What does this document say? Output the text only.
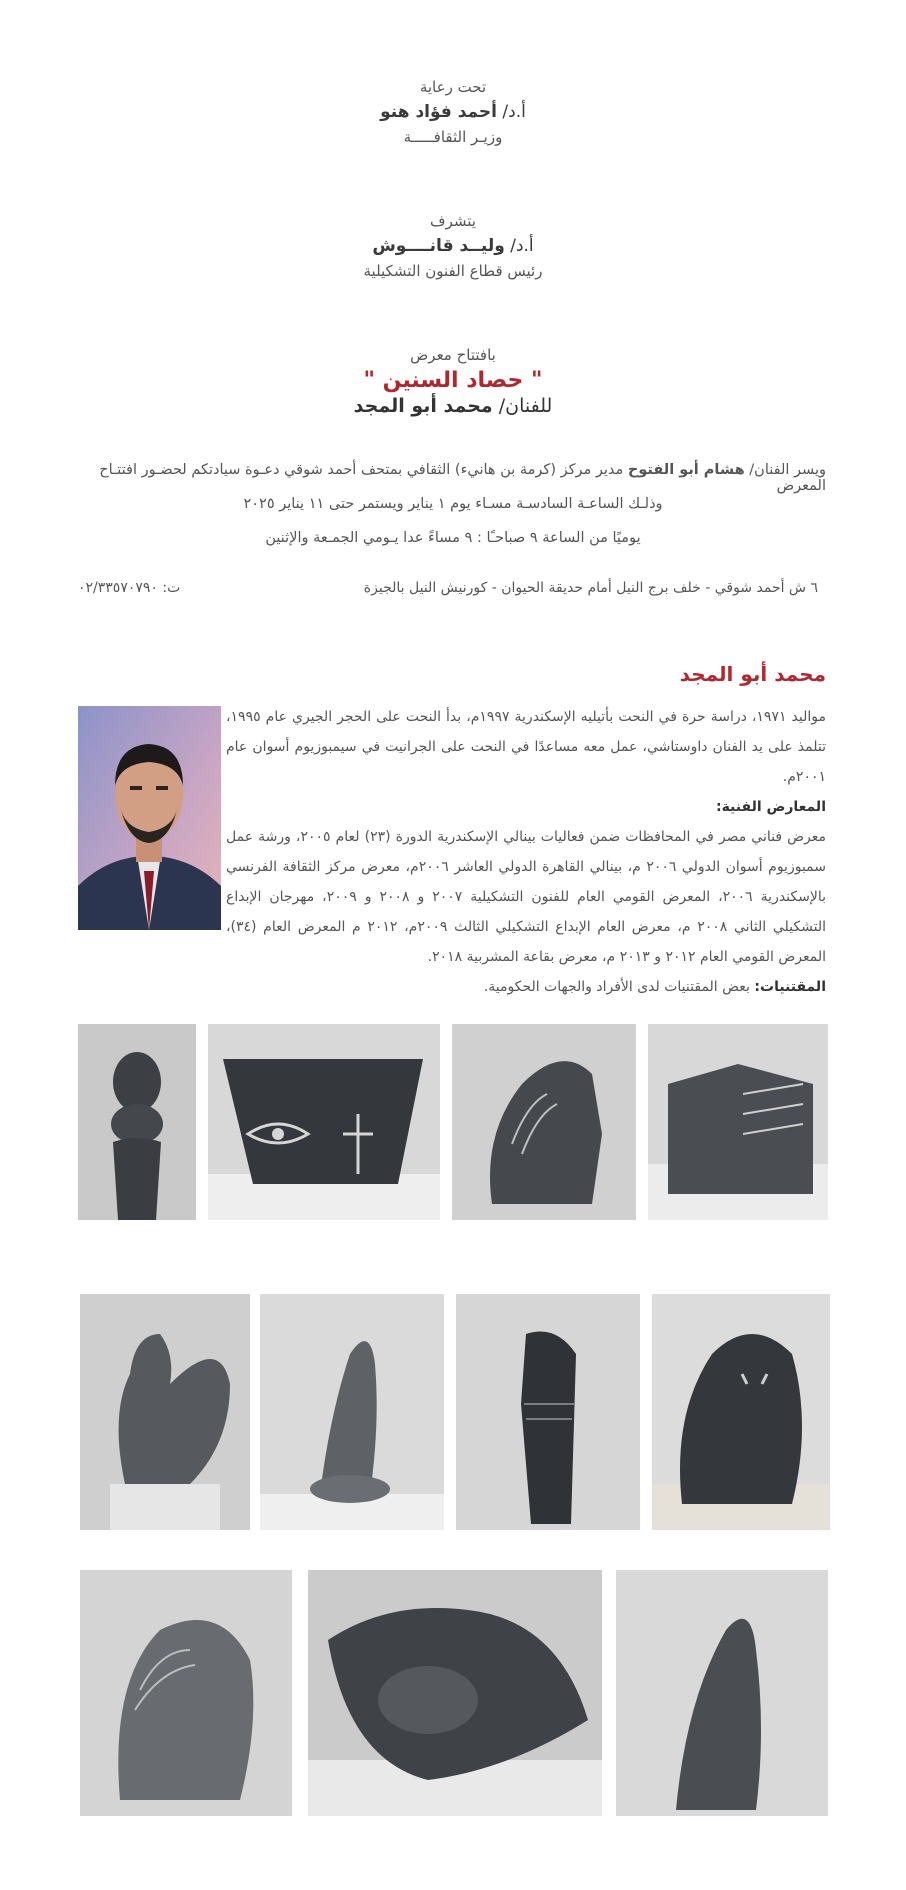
تحت رعاية
أ.د/ أحمد فؤاد هنو
وزيـر الثقافـــــة
يتشرف
أ.د/ وليــد قانــــوش
رئيس قطاع الفنون التشكيلية
بافتتاح معرض
" حصاد السنين "
للفنان/ محمد أبو المجد
ويسر الفنان/ هشام أبو الفتوح مدير مركز (كرمة بن هانيء) الثقافي بمتحف أحمد شوقي دعـوة سيادتكم لحضـور افتتـاح المعرض
وذلـك الساعـة السادسـة مسـاء يوم ١ يناير ويستمر حتى ١١ يناير ٢٠٢٥
يوميًا من الساعة ٩ صباحـًا : ٩ مساءً عدا يـومي الجمـعة والإثنين
٦ ش أحمد شوقي - خلف برج النيل أمام حديقة الحيوان - كورنيش النيل بالجيزة
ت: ٠٢/٣٣٥٧٠٧٩٠
محمد أبو المجد
مواليد ١٩٧١، دراسة حرة في النحت بأتيليه الإسكندرية ١٩٩٧م، بدأ النحت على الحجر الجيري عام ١٩٩٥، تتلمذ على يد الفنان داوستاشي، عمل معه مساعدًا في النحت على الجرانيت في سيمبوزيوم أسوان عام ٢٠٠١م.
المعارض الفنية:
معرض فناني مصر في المحافظات ضمن فعاليات بينالي الإسكندرية الدورة (٢٣) لعام ٢٠٠٥، ورشة عمل سمبوزيوم أسوان الدولي ٢٠٠٦ م، بينالي القاهرة الدولي العاشر ٢٠٠٦م، معرض مركز الثقافة الفرنسي بالإسكندرية ٢٠٠٦، المعرض القومي العام للفنون التشكيلية ٢٠٠٧ و ٢٠٠٨ و ٢٠٠٩، مهرجان الإبداع التشكيلي الثاني ٢٠٠٨ م، معرض العام الإبداع التشكيلي الثالث ٢٠٠٩م، ٢٠١٢ م المعرض العام (٣٤)، المعرض القومي العام ٢٠١٢ و ٢٠١٣ م، معرض بقاعة المشربية ٢٠١٨.
المقتنيات: بعض المقتنيات لدى الأفراد والجهات الحكومية.
